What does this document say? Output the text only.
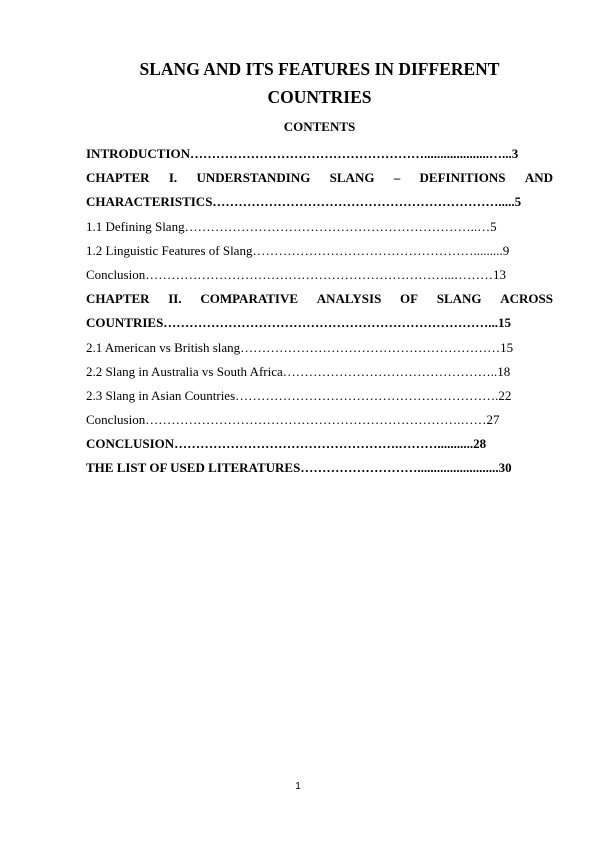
SLANG AND ITS FEATURES IN DIFFERENT
COUNTRIES
CONTENTS
INTRODUCTION………………………………………………....................…...3
CHAPTER I. UNDERSTANDING SLANG – DEFINITIONS AND
CHARACTERISTICS………………………………………………………….....5
1.1 Defining Slang…………………………………………………………..…5
1.2 Linguistic Features of Slang…………………………………………….........9
Conclusion……………………………………………………………...………13
CHAPTER II. COMPARATIVE ANALYSIS OF SLANG ACROSS
COUNTRIES…………………………………………………………………...15
2.1 American vs British slang……………………………………………………15
2.2 Slang in Australia vs South Africa…………………………………………..18
2.3 Slang in Asian Countries…………………………………………………….22
Conclusion……………………………………………………………….……27
CONCLUSION…………………………………………….………...........28
THE LIST OF USED LITERATURES……………………….........................30
1
